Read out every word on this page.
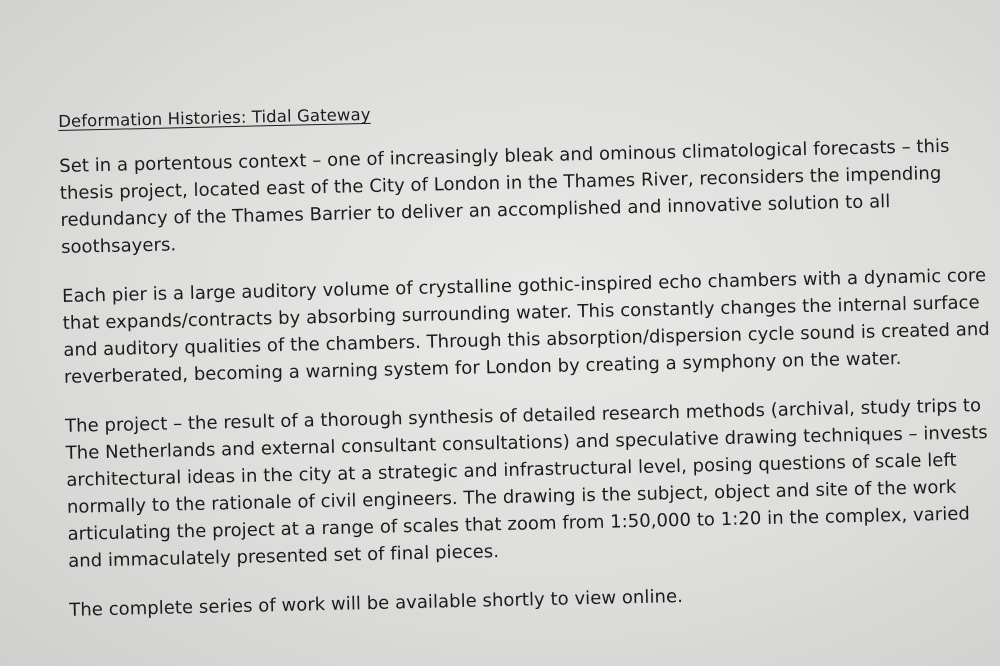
Deformation Histories: Tidal Gateway

Set in a portentous context – one of increasingly bleak and ominous climatological forecasts – this
thesis project, located east of the City of London in the Thames River, reconsiders the impending
redundancy of the Thames Barrier to deliver an accomplished and innovative solution to all
soothsayers.

Each pier is a large auditory volume of crystalline gothic-inspired echo chambers with a dynamic core
that expands/contracts by absorbing surrounding water. This constantly changes the internal surface
and auditory qualities of the chambers. Through this absorption/dispersion cycle sound is created and
reverberated, becoming a warning system for London by creating a symphony on the water.

The project – the result of a thorough synthesis of detailed research methods (archival, study trips to
The Netherlands and external consultant consultations) and speculative drawing techniques – invests
architectural ideas in the city at a strategic and infrastructural level, posing questions of scale left
normally to the rationale of civil engineers. The drawing is the subject, object and site of the work
articulating the project at a range of scales that zoom from 1:50,000 to 1:20 in the complex, varied
and immaculately presented set of final pieces.

The complete series of work will be available shortly to view online.
